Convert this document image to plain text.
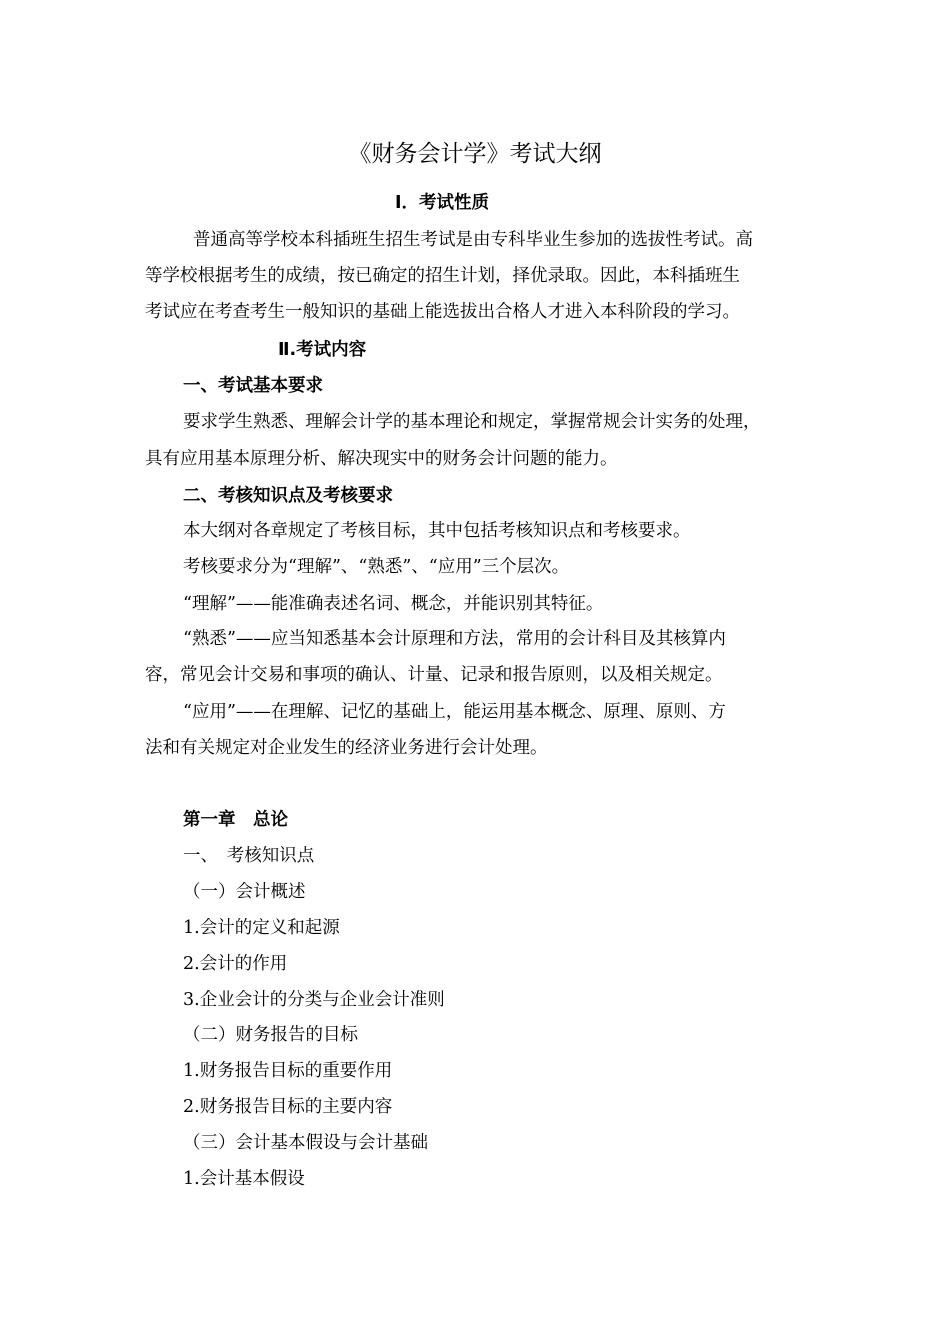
《财务会计学》考试大纲
Ⅰ．考试性质
普通高等学校本科插班生招生考试是由专科毕业生参加的选拔性考试。高
等学校根据考生的成绩，按已确定的招生计划，择优录取。因此，本科插班生
考试应在考查考生一般知识的基础上能选拔出合格人才进入本科阶段的学习。
Ⅱ.考试内容
一、考试基本要求
要求学生熟悉、理解会计学的基本理论和规定，掌握常规会计实务的处理，
具有应用基本原理分析、解决现实中的财务会计问题的能力。
二、考核知识点及考核要求
本大纲对各章规定了考核目标，其中包括考核知识点和考核要求。
考核要求分为“理解”、“熟悉”、“应用”三个层次。
“理解”——能准确表述名词、概念，并能识别其特征。
“熟悉”——应当知悉基本会计原理和方法，常用的会计科目及其核算内
容，常见会计交易和事项的确认、计量、记录和报告原则，以及相关规定。
“应用”——在理解、记忆的基础上，能运用基本概念、原理、原则、方
法和有关规定对企业发生的经济业务进行会计处理。
第一章　总论
一、　考核知识点
（一）会计概述
1.会计的定义和起源
2.会计的作用
3.企业会计的分类与企业会计准则
（二）财务报告的目标
1.财务报告目标的重要作用
2.财务报告目标的主要内容
（三）会计基本假设与会计基础
1.会计基本假设
